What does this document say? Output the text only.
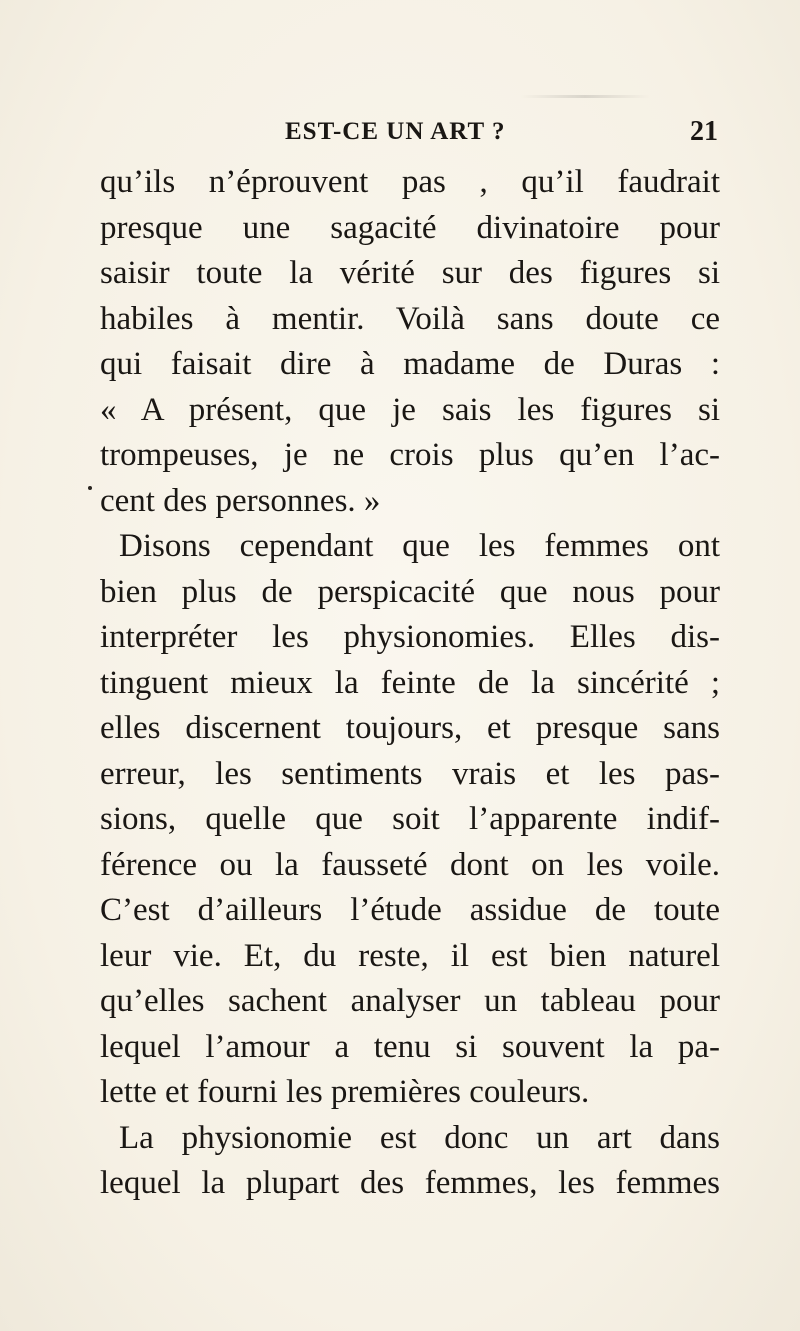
EST-CE UN ART ?	21
qu’ils n’éprouvent pas , qu’il faudrait
presque une sagacité divinatoire pour
saisir toute la vérité sur des figures si
habiles à mentir. Voilà sans doute ce
qui faisait dire à madame de Duras :
« A présent, que je sais les figures si
trompeuses, je ne crois plus qu’en l’ac-
cent des personnes. »
Disons cependant que les femmes ont
bien plus de perspicacité que nous pour
interpréter les physionomies. Elles dis-
tinguent mieux la feinte de la sincérité ;
elles discernent toujours, et presque sans
erreur, les sentiments vrais et les pas-
sions, quelle que soit l’apparente indif-
férence ou la fausseté dont on les voile.
C’est d’ailleurs l’étude assidue de toute
leur vie. Et, du reste, il est bien naturel
qu’elles sachent analyser un tableau pour
lequel l’amour a tenu si souvent la pa-
lette et fourni les premières couleurs.
La physionomie est donc un art dans
lequel la plupart des femmes, les femmes
